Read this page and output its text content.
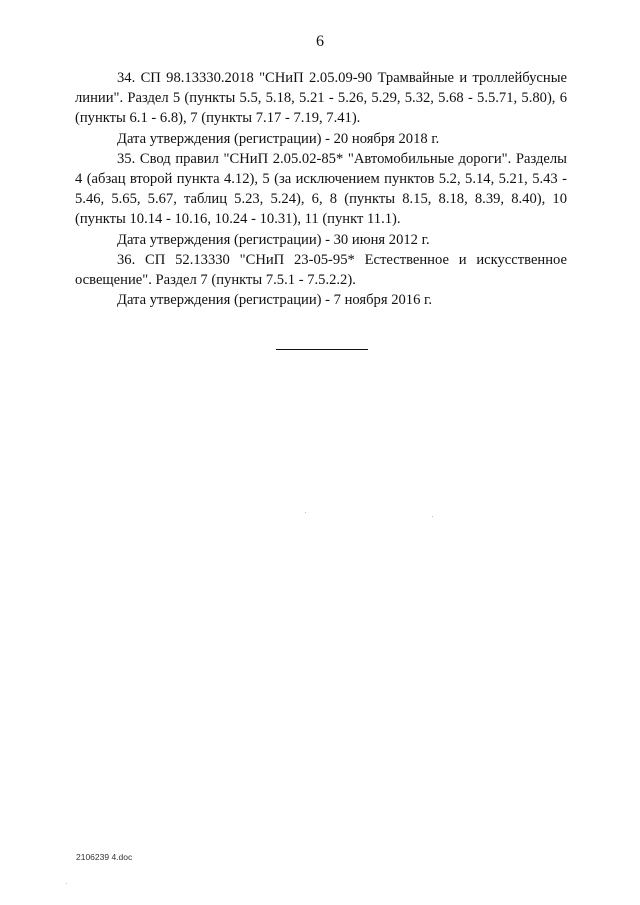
6

34. СП 98.13330.2018 "СНиП 2.05.09-90 Трамвайные и троллейбусные линии". Раздел 5 (пункты 5.5, 5.18, 5.21 - 5.26, 5.29, 5.32, 5.68 - 5.5.71, 5.80), 6 (пункты 6.1 - 6.8), 7 (пункты 7.17 - 7.19, 7.41).

Дата утверждения (регистрации) - 20 ноября 2018 г.

35. Свод правил "СНиП 2.05.02-85* "Автомобильные дороги". Разделы 4 (абзац второй пункта 4.12), 5 (за исключением пунктов 5.2, 5.14, 5.21, 5.43 - 5.46, 5.65, 5.67, таблиц 5.23, 5.24), 6, 8 (пункты 8.15, 8.18, 8.39, 8.40), 10 (пункты 10.14 - 10.16, 10.24 - 10.31), 11 (пункт 11.1).

Дата утверждения (регистрации) - 30 июня 2012 г.

36. СП 52.13330 "СНиП 23-05-95* Естественное и искусственное освещение". Раздел 7 (пункты 7.5.1 - 7.5.2.2).

Дата утверждения (регистрации) - 7 ноября 2016 г.

2106239 4.doc
